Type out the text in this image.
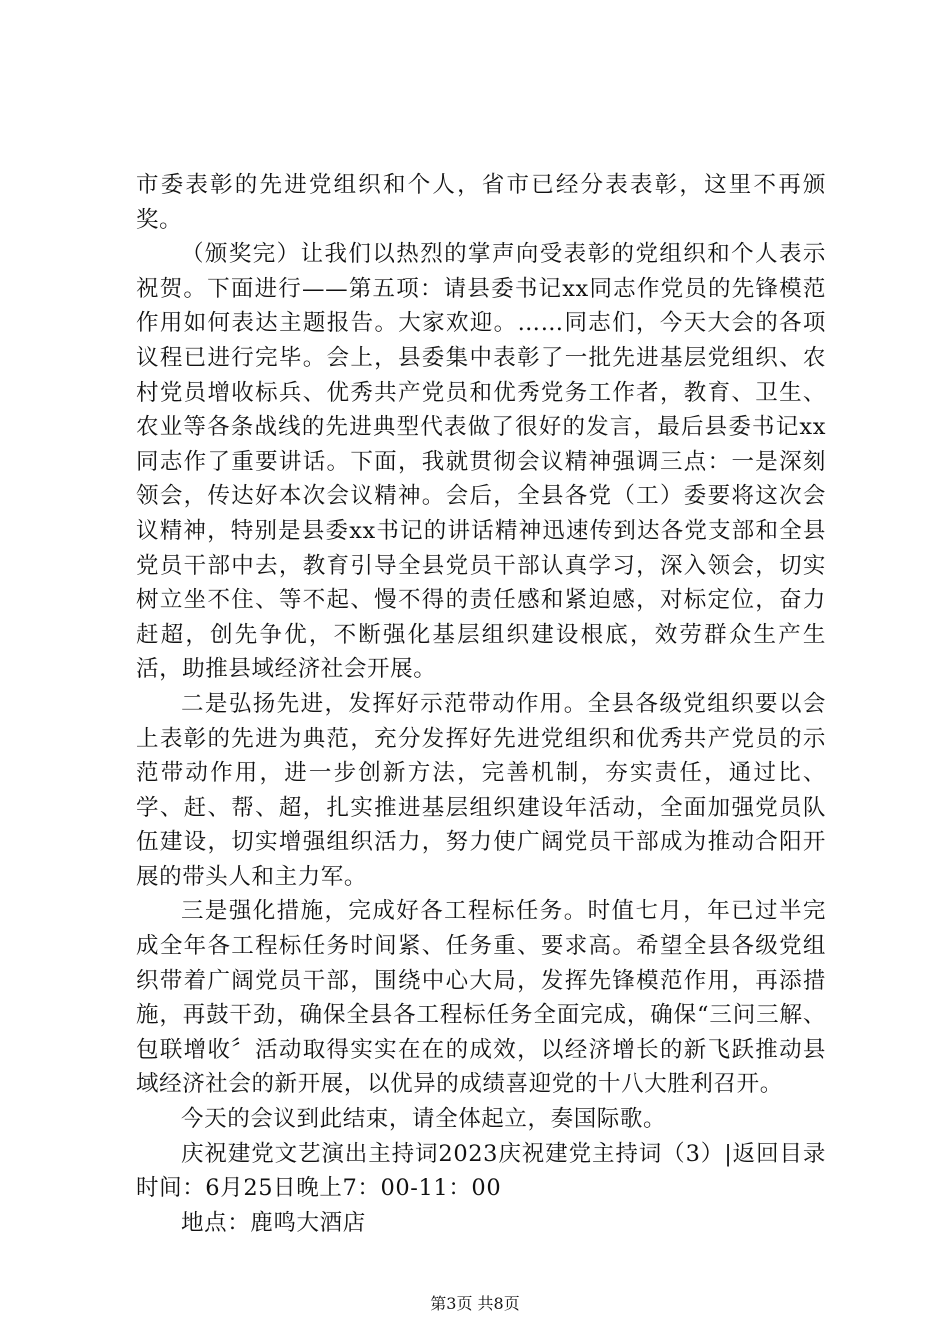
市委表彰的先进党组织和个人，省市已经分表表彰，这里不再颁奖。

（颁奖完）让我们以热烈的掌声向受表彰的党组织和个人表示祝贺。下面进行——第五项：请县委书记xx同志作党员的先锋模范作用如何表达主题报告。大家欢迎。……同志们，今天大会的各项议程已进行完毕。会上，县委集中表彰了一批先进基层党组织、农村党员增收标兵、优秀共产党员和优秀党务工作者，教育、卫生、农业等各条战线的先进典型代表做了很好的发言，最后县委书记xx同志作了重要讲话。下面，我就贯彻会议精神强调三点：一是深刻领会，传达好本次会议精神。会后，全县各党（工）委要将这次会议精神，特别是县委xx书记的讲话精神迅速传到达各党支部和全县党员干部中去，教育引导全县党员干部认真学习，深入领会，切实树立坐不住、等不起、慢不得的责任感和紧迫感，对标定位，奋力赶超，创先争优，不断强化基层组织建设根底，效劳群众生产生活，助推县域经济社会开展。

二是弘扬先进，发挥好示范带动作用。全县各级党组织要以会上表彰的先进为典范，充分发挥好先进党组织和优秀共产党员的示范带动作用，进一步创新方法，完善机制，夯实责任，通过比、学、赶、帮、超，扎实推进基层组织建设年活动，全面加强党员队伍建设，切实增强组织活力，努力使广阔党员干部成为推动合阳开展的带头人和主力军。

三是强化措施，完成好各工程标任务。时值七月，年已过半完成全年各工程标任务时间紧、任务重、要求高。希望全县各级党组织带着广阔党员干部，围绕中心大局，发挥先锋模范作用，再添措施，再鼓干劲，确保全县各工程标任务全面完成，确保“三问三解、包联增收〞活动取得实实在在的成效，以经济增长的新飞跃推动县域经济社会的新开展，以优异的成绩喜迎党的十八大胜利召开。

今天的会议到此结束，请全体起立，奏国际歌。

庆祝建党文艺演出主持词2023庆祝建党主持词（3）|返回目录时间：6月25日晚上7：00-11：00

地点：鹿鸣大酒店

第3页 共8页
